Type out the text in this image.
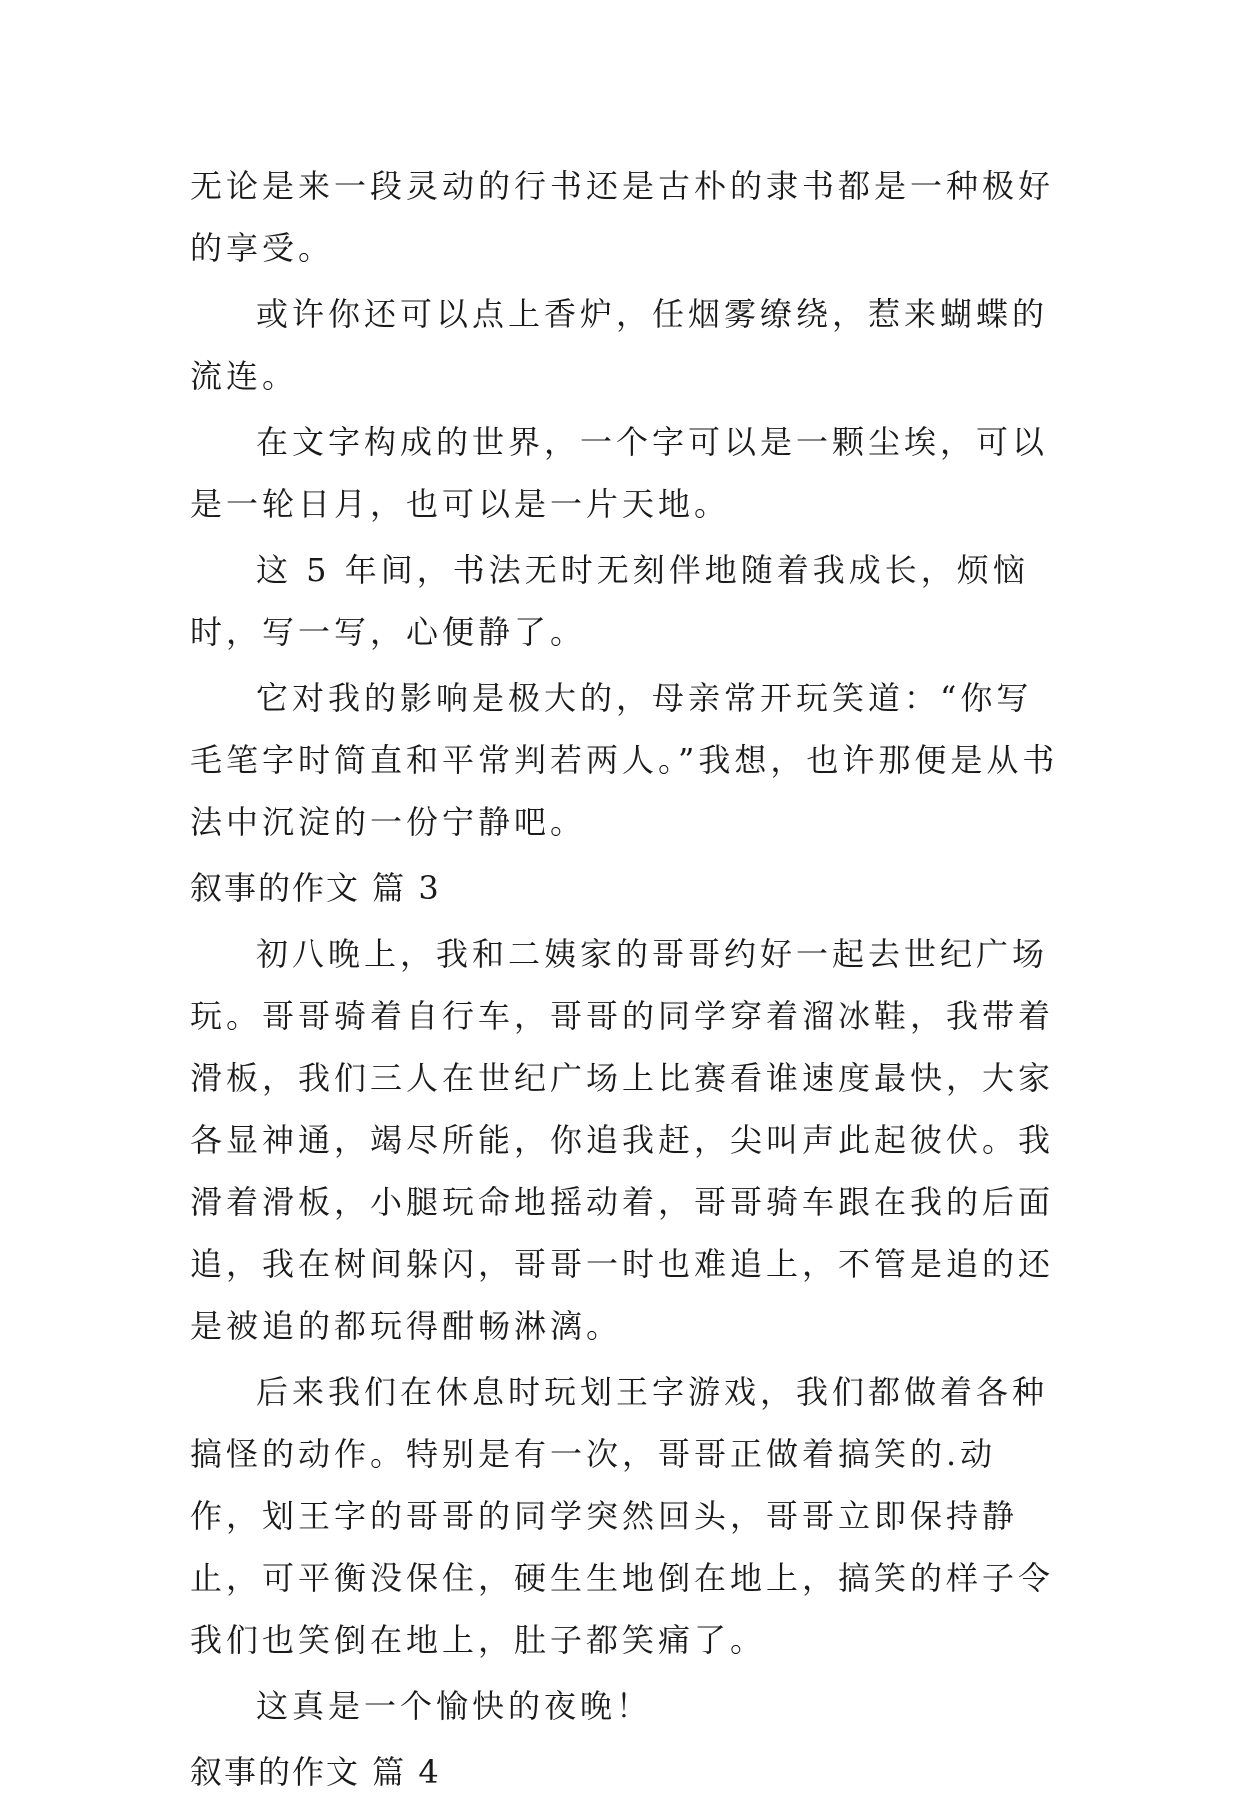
无论是来一段灵动的行书还是古朴的隶书都是一种极好的享受。

或许你还可以点上香炉，任烟雾缭绕，惹来蝴蝶的流连。

在文字构成的世界，一个字可以是一颗尘埃，可以是一轮日月，也可以是一片天地。

这 5 年间，书法无时无刻伴地随着我成长，烦恼时，写一写，心便静了。

它对我的影响是极大的，母亲常开玩笑道：“你写毛笔字时简直和平常判若两人。”我想，也许那便是从书法中沉淀的一份宁静吧。

叙事的作文 篇 3

初八晚上，我和二姨家的哥哥约好一起去世纪广场玩。哥哥骑着自行车，哥哥的同学穿着溜冰鞋，我带着滑板，我们三人在世纪广场上比赛看谁速度最快，大家各显神通，竭尽所能，你追我赶，尖叫声此起彼伏。我滑着滑板，小腿玩命地摇动着，哥哥骑车跟在我的后面追，我在树间躲闪，哥哥一时也难追上，不管是追的还是被追的都玩得酣畅淋漓。

后来我们在休息时玩划王字游戏，我们都做着各种搞怪的动作。特别是有一次，哥哥正做着搞笑的.动作，划王字的哥哥的同学突然回头，哥哥立即保持静止，可平衡没保住，硬生生地倒在地上，搞笑的样子令我们也笑倒在地上，肚子都笑痛了。

这真是一个愉快的夜晚！

叙事的作文 篇 4
